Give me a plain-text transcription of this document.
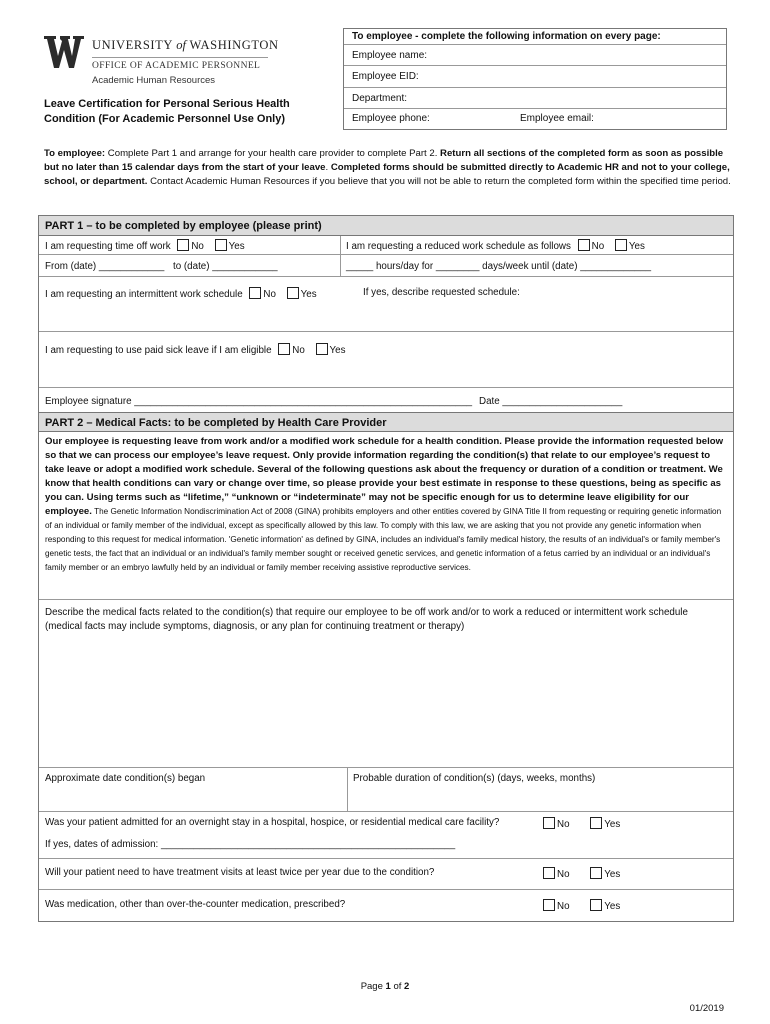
UNIVERSITY of WASHINGTON
OFFICE OF ACADEMIC PERSONNEL
Academic Human Resources
Leave Certification for Personal Serious Health Condition (For Academic Personnel Use Only)
To employee - complete the following information on every page:
Employee name:
Employee EID:
Department:
Employee phone:	Employee email:
To employee: Complete Part 1 and arrange for your health care provider to complete Part 2. Return all sections of the completed form as soon as possible but no later than 15 calendar days from the start of your leave. Completed forms should be submitted directly to Academic HR and not to your college, school, or department. Contact Academic Human Resources if you believe that you will not be able to return the completed form within the specified time period.
PART 1 – to be completed by employee (please print)
I am requesting time off work No	Yes	I am requesting a reduced work schedule as follows No	Yes
From (date) ____________ to (date) ____________	_____ hours/day for ________ days/week until (date) _____________
I am requesting an intermittent work schedule No	Yes	If yes, describe requested schedule:
I am requesting to use paid sick leave if I am eligible No	Yes
Employee signature ______________________________________________________________ Date ______________________
PART 2 – Medical Facts: to be completed by Health Care Provider
Our employee is requesting leave from work and/or a modified work schedule for a health condition. Please provide the information requested below so that we can process our employee’s leave request. Only provide information regarding the condition(s) that relate to our employee’s request to take leave or adopt a modified work schedule. Several of the following questions ask about the frequency or duration of a condition or treatment. We know that health conditions can vary or change over time, so please provide your best estimate in response to these questions, being as specific as you can. Using terms such as “lifetime,” “unknown or “indeterminate” may not be specific enough for us to determine leave eligibility for our employee. The Genetic Information Nondiscrimination Act of 2008 (GINA) prohibits employers and other entities covered by GINA Title II from requesting or requiring genetic information of an individual or family member of the individual, except as specifically allowed by this law. To comply with this law, we are asking that you not provide any genetic information when responding to this request for medical information. 'Genetic information' as defined by GINA, includes an individual's family medical history, the results of an individual's or family member's genetic tests, the fact that an individual or an individual's family member sought or received genetic services, and genetic information of a fetus carried by an individual or an individual's family member or an embryo lawfully held by an individual or family member receiving assistive reproductive services.
Describe the medical facts related to the condition(s) that require our employee to be off work and/or to work a reduced or intermittent work schedule (medical facts may include symptoms, diagnosis, or any plan for continuing treatment or therapy)
Approximate date condition(s) began	Probable duration of condition(s) (days, weeks, months)
Was your patient admitted for an overnight stay in a hospital, hospice, or residential medical care facility?	No	Yes
If yes, dates of admission: ______________________________________________________
Will your patient need to have treatment visits at least twice per year due to the condition?	No	Yes
Was medication, other than over-the-counter medication, prescribed?	No	Yes
Page 1 of 2
01/2019
